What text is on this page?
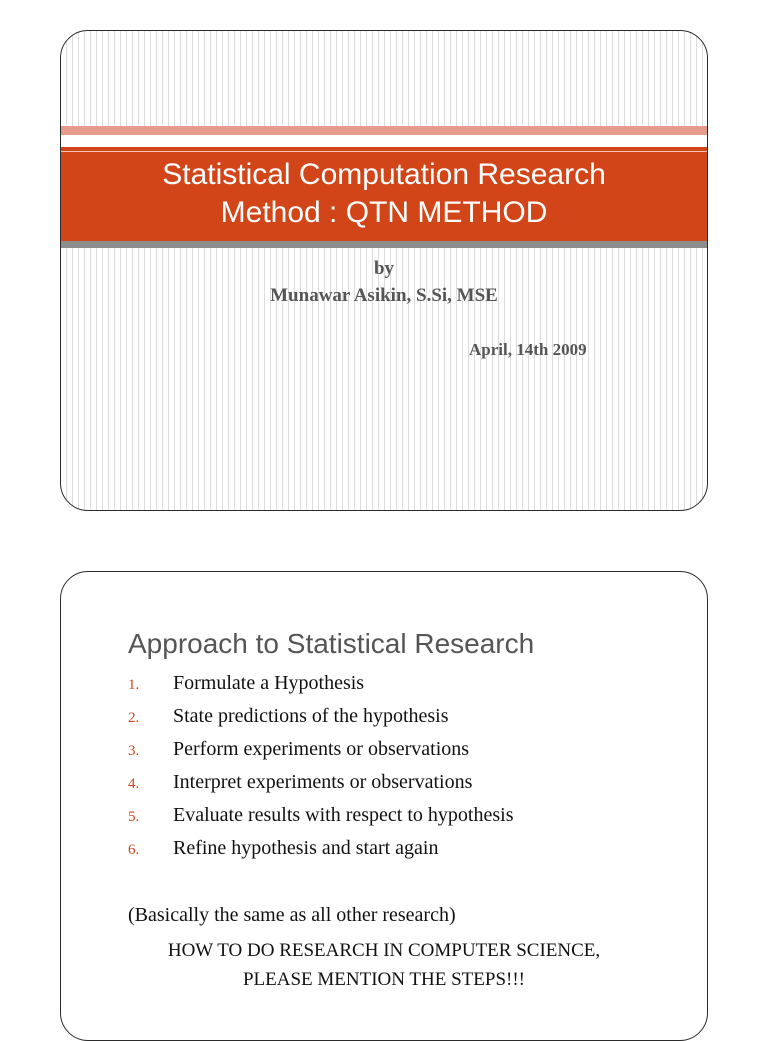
Statistical Computation Research
Method : QTN METHOD
by
Munawar Asikin, S.Si, MSE
April, 14th 2009
Approach to Statistical Research
1.	Formulate a Hypothesis
2.	State predictions of the hypothesis
3.	Perform experiments or observations
4.	Interpret experiments or observations
5.	Evaluate results with respect to hypothesis
6.	Refine hypothesis and start again
(Basically the same as all other research)
HOW TO DO RESEARCH IN COMPUTER SCIENCE,
PLEASE MENTION THE STEPS!!!
